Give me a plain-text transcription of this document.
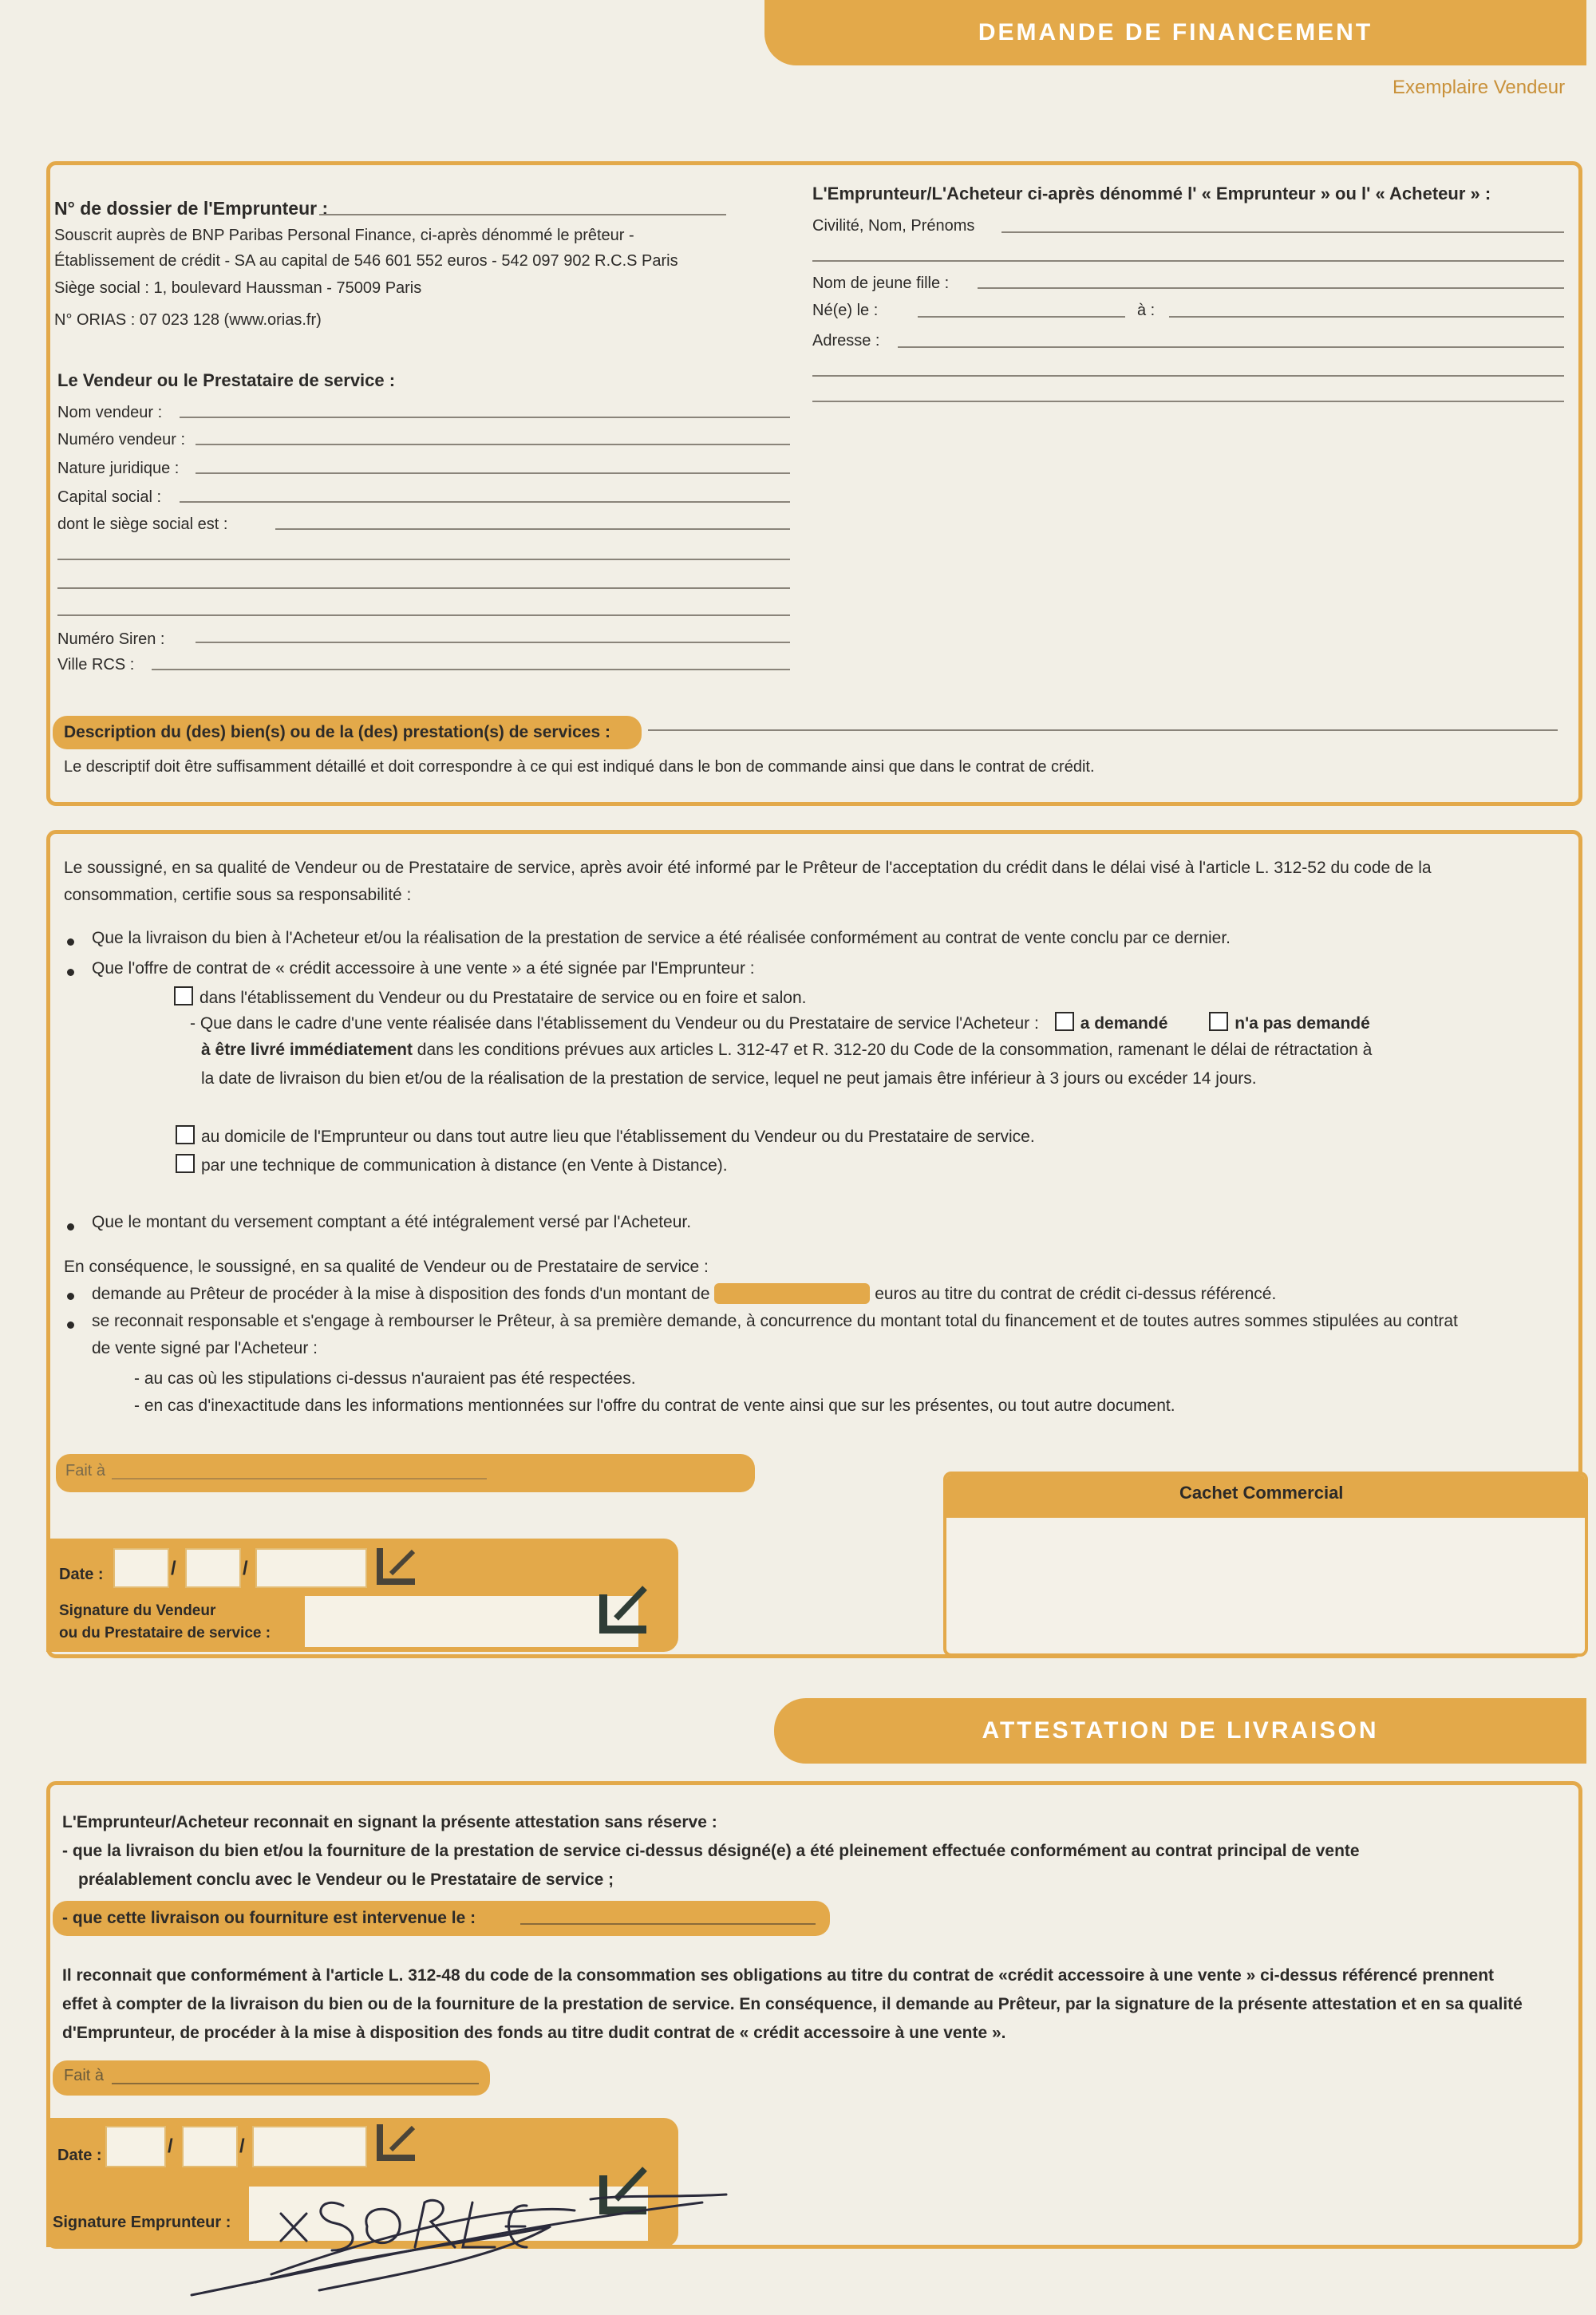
DEMANDE DE FINANCEMENT
Exemplaire Vendeur
N° de dossier de l'Emprunteur :
Souscrit auprès de BNP Paribas Personal Finance, ci-après dénommé le prêteur -
Établissement de crédit - SA au capital de 546 601 552 euros - 542 097 902 R.C.S Paris
Siège social : 1, boulevard Haussman - 75009 Paris
N° ORIAS : 07 023 128 (www.orias.fr)
L'Emprunteur/L'Acheteur ci-après dénommé l' « Emprunteur » ou l' « Acheteur » :
Civilité, Nom, Prénoms
Nom de jeune fille :
Né(e) le :	à :
Adresse :
Le Vendeur ou le Prestataire de service :
Nom vendeur :
Numéro vendeur :
Nature juridique :
Capital social :
dont le siège social est :
Numéro Siren :
Ville RCS :
Description du (des) bien(s) ou de la (des) prestation(s) de services :
Le descriptif doit être suffisamment détaillé et doit correspondre à ce qui est indiqué dans le bon de commande ainsi que dans le contrat de crédit.
Le soussigné, en sa qualité de Vendeur ou de Prestataire de service, après avoir été informé par le Prêteur de l'acceptation du crédit dans le délai visé à l'article L. 312-52 du code de la
consommation, certifie sous sa responsabilité :
Que la livraison du bien à l'Acheteur et/ou la réalisation de la prestation de service a été réalisée conformément au contrat de vente conclu par ce dernier.
Que l'offre de contrat de « crédit accessoire à une vente » a été signée par l'Emprunteur :
dans l'établissement du Vendeur ou du Prestataire de service ou en foire et salon.
- Que dans le cadre d'une vente réalisée dans l'établissement du Vendeur ou du Prestataire de service l'Acheteur : a demandé	n'a pas demandé
à être livré immédiatement dans les conditions prévues aux articles L. 312-47 et R. 312-20 du Code de la consommation, ramenant le délai de rétractation à
la date de livraison du bien et/ou de la réalisation de la prestation de service, lequel ne peut jamais être inférieur à 3 jours ou excéder 14 jours.
au domicile de l'Emprunteur ou dans tout autre lieu que l'établissement du Vendeur ou du Prestataire de service.
par une technique de communication à distance (en Vente à Distance).
Que le montant du versement comptant a été intégralement versé par l'Acheteur.
En conséquence, le soussigné, en sa qualité de Vendeur ou de Prestataire de service :
demande au Prêteur de procéder à la mise à disposition des fonds d'un montant de	euros au titre du contrat de crédit ci-dessus référencé.
se reconnait responsable et s'engage à rembourser le Prêteur, à sa première demande, à concurrence du montant total du financement et de toutes autres sommes stipulées au contrat
de vente signé par l'Acheteur :
- au cas où les stipulations ci-dessus n'auraient pas été respectées.
- en cas d'inexactitude dans les informations mentionnées sur l'offre du contrat de vente ainsi que sur les présentes, ou tout autre document.
Fait à
Cachet Commercial
Date :	/	/
Signature du Vendeur
ou du Prestataire de service :
ATTESTATION DE LIVRAISON
L'Emprunteur/Acheteur reconnait en signant la présente attestation sans réserve :
- que la livraison du bien et/ou la fourniture de la prestation de service ci-dessus désigné(e) a été pleinement effectuée conformément au contrat principal de vente
préalablement conclu avec le Vendeur ou le Prestataire de service ;
- que cette livraison ou fourniture est intervenue le :
Il reconnait que conformément à l'article L. 312-48 du code de la consommation ses obligations au titre du contrat de «crédit accessoire à une vente » ci-dessus référencé prennent
effet à compter de la livraison du bien ou de la fourniture de la prestation de service. En conséquence, il demande au Prêteur, par la signature de la présente attestation et en sa qualité
d'Emprunteur, de procéder à la mise à disposition des fonds au titre dudit contrat de « crédit accessoire à une vente ».
Fait à
Date :	/	/
Signature Emprunteur :
